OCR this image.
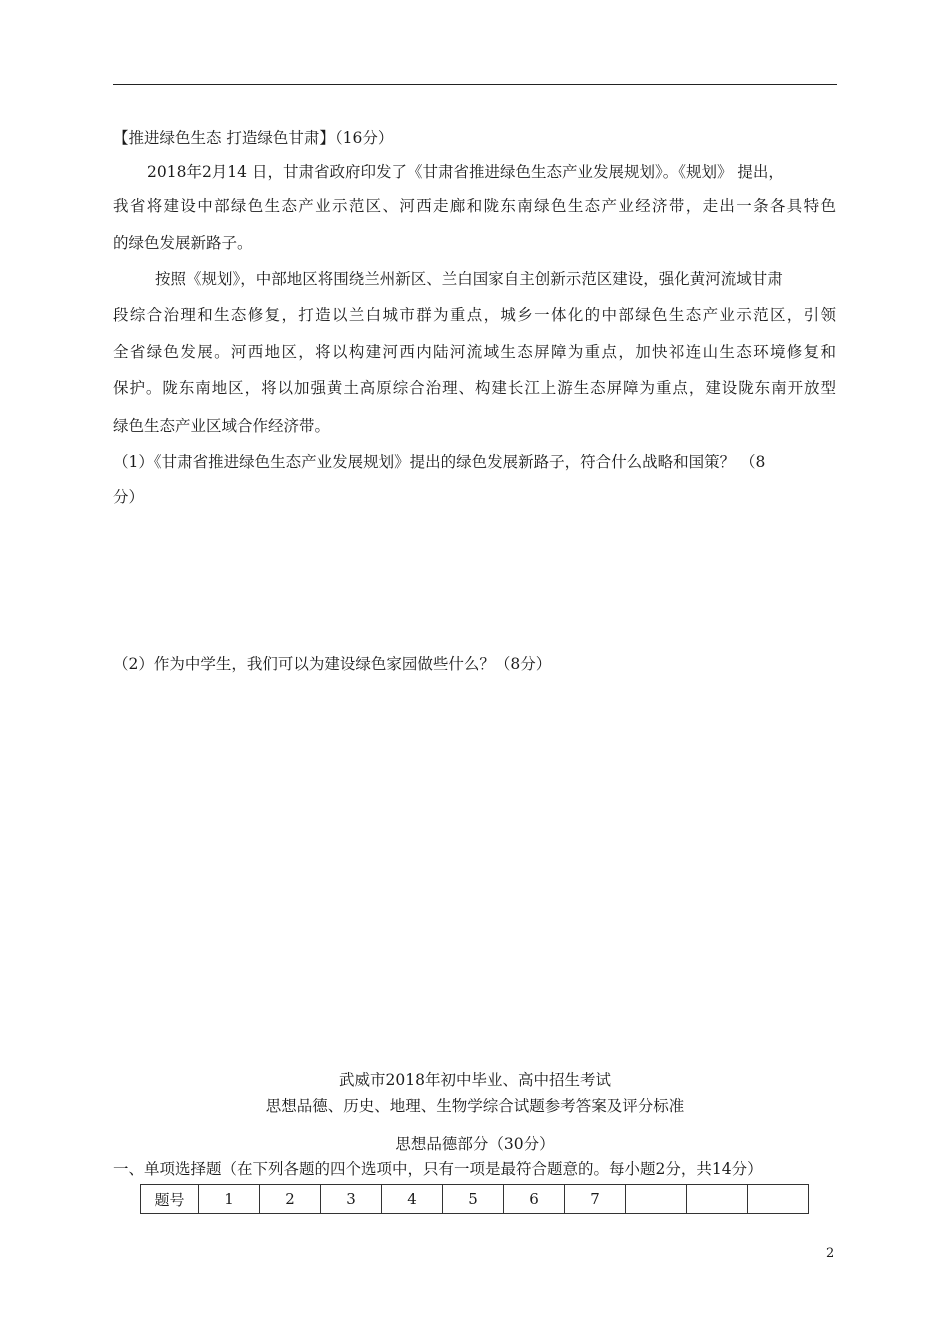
【推进绿色生态 打造绿色甘肃】（16分）
2018年2月14 日，甘肃省政府印发了《甘肃省推进绿色生态产业发展规划》。《规划》 提出，
我省将建设中部绿色生态产业示范区、河西走廊和陇东南绿色生态产业经济带，走出一条各具特色
的绿色发展新路子。
按照《规划》，中部地区将围绕兰州新区、兰白国家自主创新示范区建设，强化黄河流域甘肃
段综合治理和生态修复，打造以兰白城市群为重点，城乡一体化的中部绿色生态产业示范区，引领
全省绿色发展。河西地区，将以构建河西内陆河流域生态屏障为重点，加快祁连山生态环境修复和
保护。陇东南地区，将以加强黄土高原综合治理、构建长江上游生态屏障为重点，建设陇东南开放型
绿色生态产业区域合作经济带。
（1）《甘肃省推进绿色生态产业发展规划》提出的绿色发展新路子，符合什么战略和国策？ （8
分）
（2）作为中学生，我们可以为建设绿色家园做些什么？（8分）
武威市2018年初中毕业、高中招生考试
思想品德、历史、地理、生物学综合试题参考答案及评分标准
思想品德部分（30分）
一、单项选择题（在下列各题的四个选项中，只有一项是最符合题意的。每小题2分，共14分）
题号	1	2	3	4	5	6	7			
2
